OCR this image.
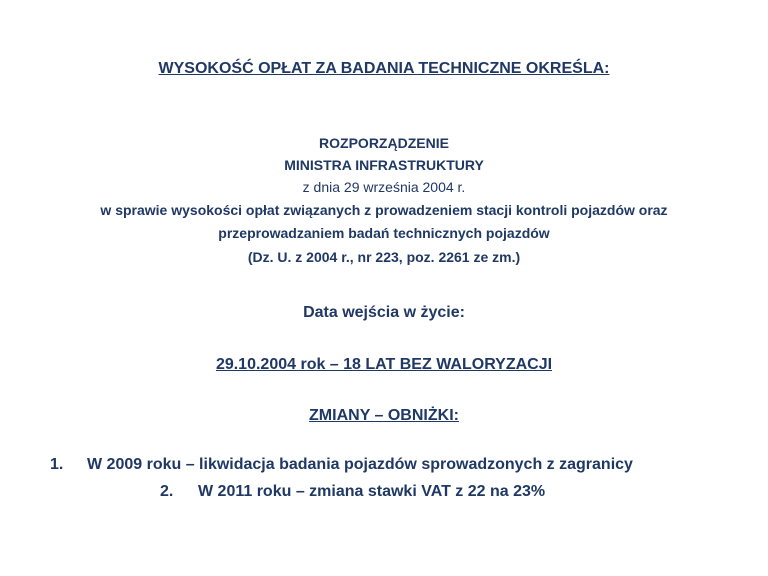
WYSOKOŚĆ OPŁAT ZA BADANIA TECHNICZNE OKREŚLA:
ROZPORZĄDZENIE
MINISTRA INFRASTRUKTURY
z dnia 29 września 2004 r.
w sprawie wysokości opłat związanych z prowadzeniem stacji kontroli pojazdów oraz
przeprowadzaniem badań technicznych pojazdów
(Dz. U. z 2004 r., nr 223, poz. 2261 ze zm.)
Data wejścia w życie:
29.10.2004 rok – 18 LAT BEZ WALORYZACJI
ZMIANY – OBNIŻKI:
1. W 2009 roku – likwidacja badania pojazdów sprowadzonych z zagranicy
2. W 2011 roku – zmiana stawki VAT z 22 na 23%
